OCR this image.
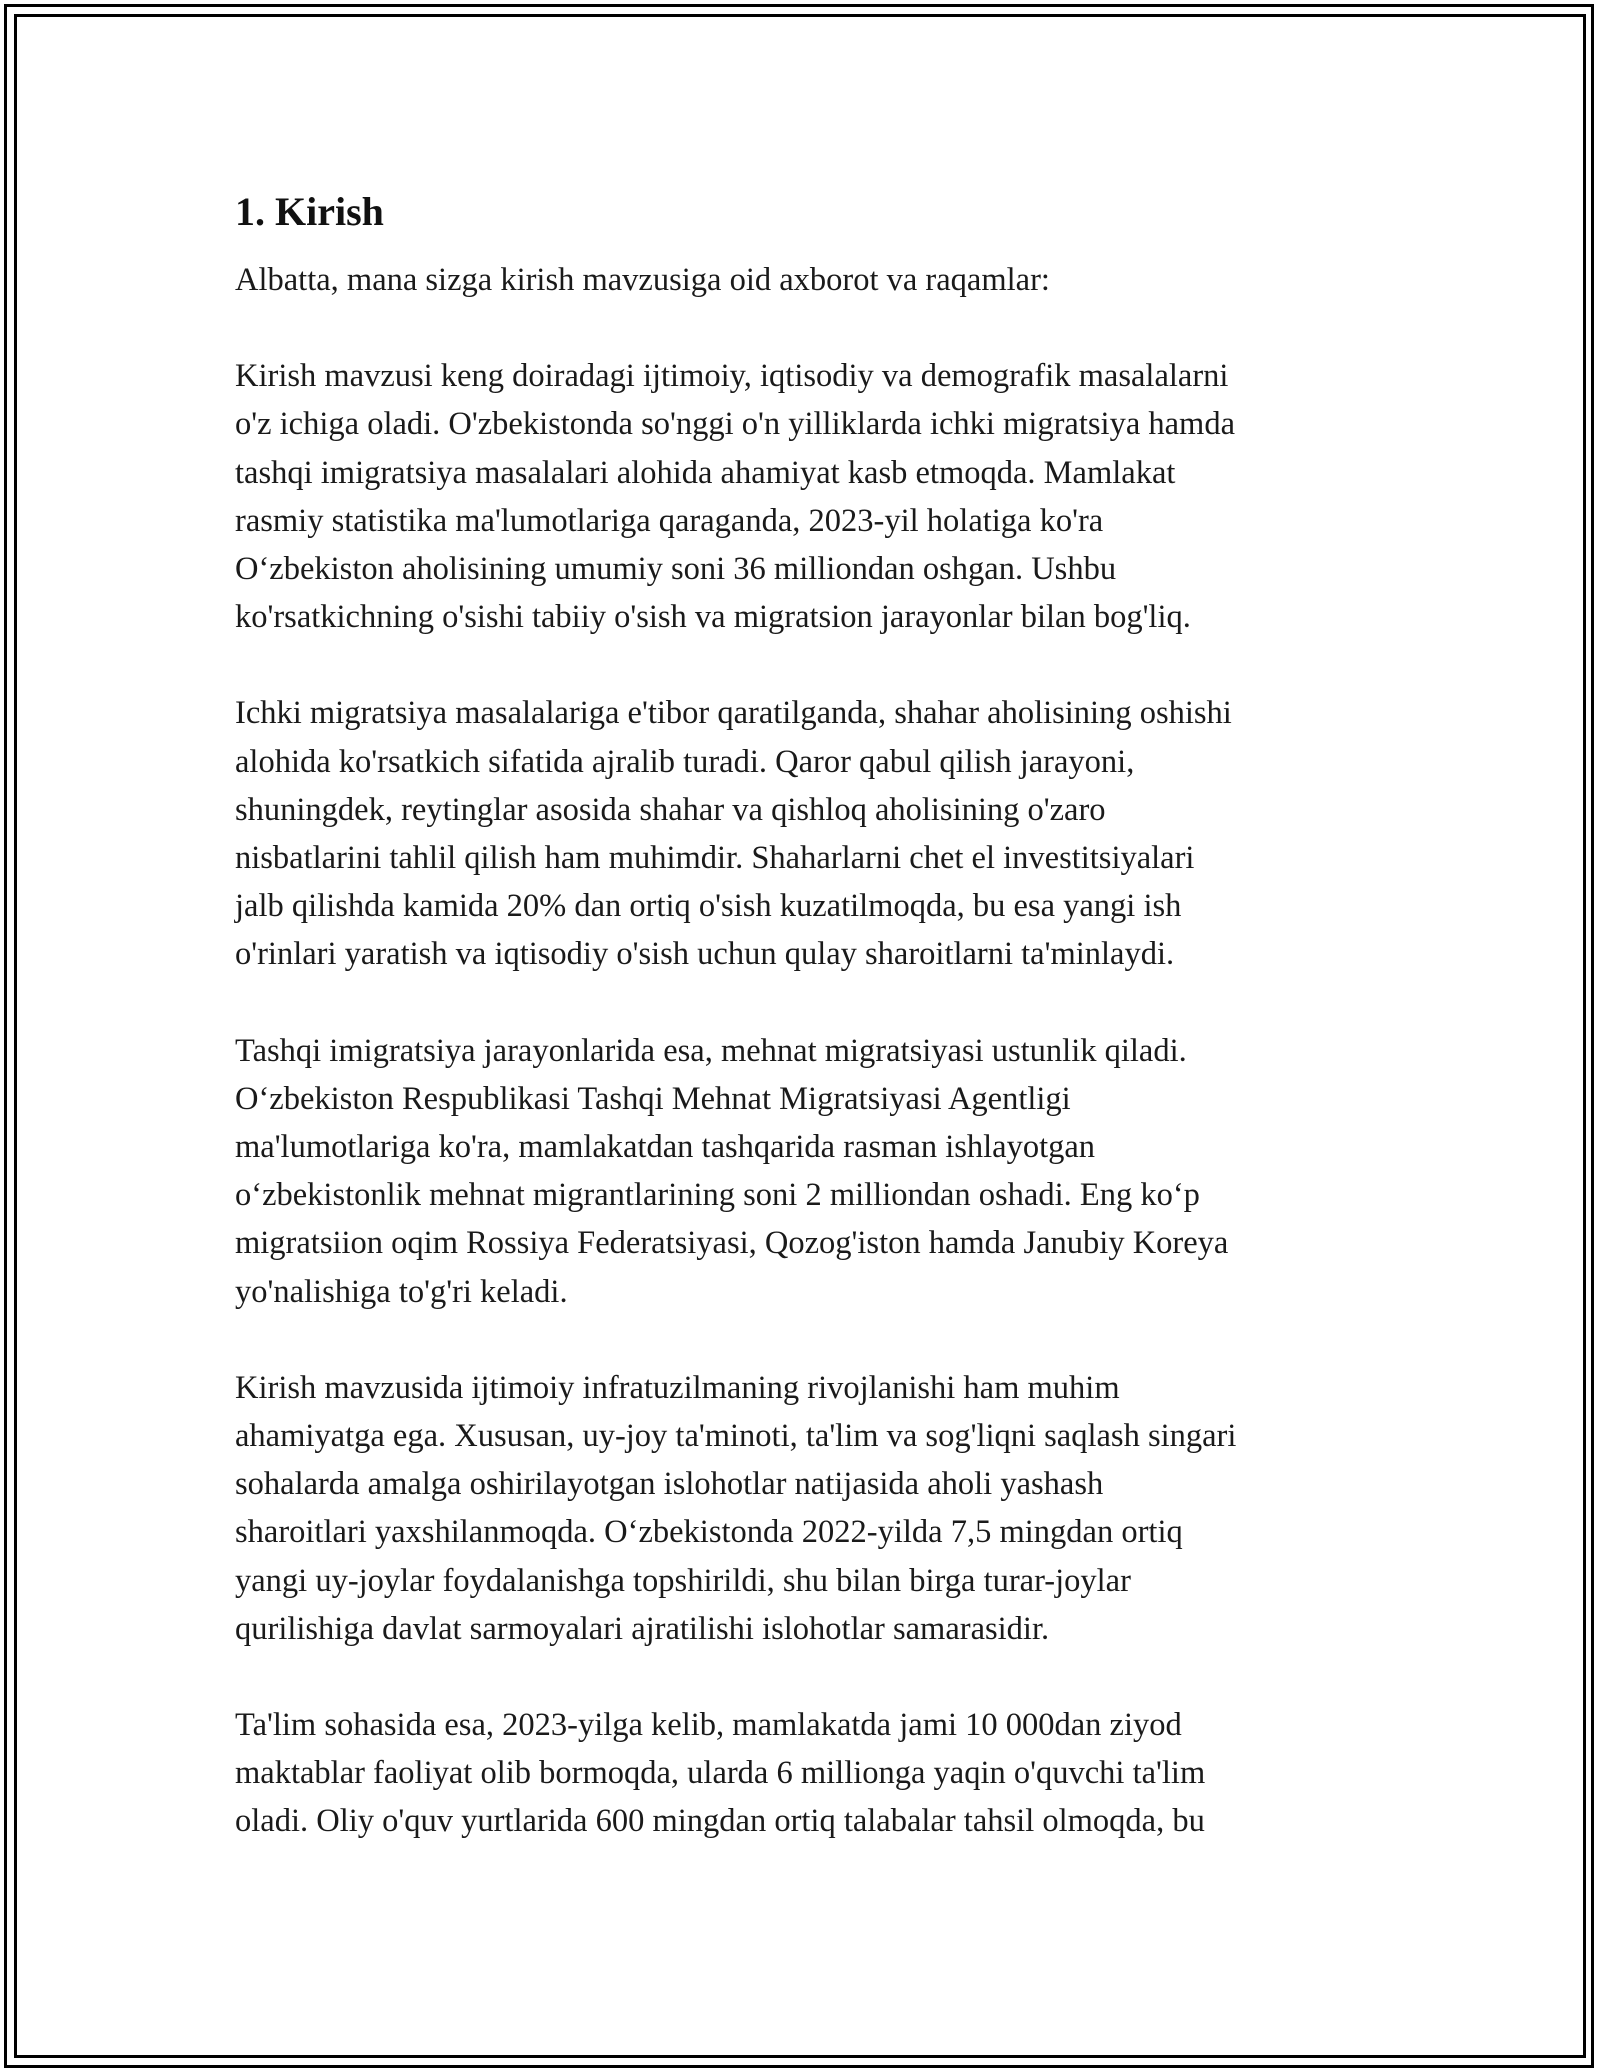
1. Kirish

Albatta, mana sizga kirish mavzusiga oid axborot va raqamlar:

Kirish mavzusi keng doiradagi ijtimoiy, iqtisodiy va demografik masalalarni
o'z ichiga oladi. O'zbekistonda so'nggi o'n yilliklarda ichki migratsiya hamda
tashqi imigratsiya masalalari alohida ahamiyat kasb etmoqda. Mamlakat
rasmiy statistika ma'lumotlariga qaraganda, 2023-yil holatiga ko'ra
O‘zbekiston aholisining umumiy soni 36 milliondan oshgan. Ushbu
ko'rsatkichning o'sishi tabiiy o'sish va migratsion jarayonlar bilan bog'liq.

Ichki migratsiya masalalariga e'tibor qaratilganda, shahar aholisining oshishi
alohida ko'rsatkich sifatida ajralib turadi. Qaror qabul qilish jarayoni,
shuningdek, reytinglar asosida shahar va qishloq aholisining o'zaro
nisbatlarini tahlil qilish ham muhimdir. Shaharlarni chet el investitsiyalari
jalb qilishda kamida 20% dan ortiq o'sish kuzatilmoqda, bu esa yangi ish
o'rinlari yaratish va iqtisodiy o'sish uchun qulay sharoitlarni ta'minlaydi.

Tashqi imigratsiya jarayonlarida esa, mehnat migratsiyasi ustunlik qiladi.
O‘zbekiston Respublikasi Tashqi Mehnat Migratsiyasi Agentligi
ma'lumotlariga ko'ra, mamlakatdan tashqarida rasman ishlayotgan
o‘zbekistonlik mehnat migrantlarining soni 2 milliondan oshadi. Eng ko‘p
migratsiion oqim Rossiya Federatsiyasi, Qozog'iston hamda Janubiy Koreya
yo'nalishiga to'g'ri keladi.

Kirish mavzusida ijtimoiy infratuzilmaning rivojlanishi ham muhim
ahamiyatga ega. Xususan, uy-joy ta'minoti, ta'lim va sog'liqni saqlash singari
sohalarda amalga oshirilayotgan islohotlar natijasida aholi yashash
sharoitlari yaxshilanmoqda. O‘zbekistonda 2022-yilda 7,5 mingdan ortiq
yangi uy-joylar foydalanishga topshirildi, shu bilan birga turar-joylar
qurilishiga davlat sarmoyalari ajratilishi islohotlar samarasidir.

Ta'lim sohasida esa, 2023-yilga kelib, mamlakatda jami 10 000dan ziyod
maktablar faoliyat olib bormoqda, ularda 6 millionga yaqin o'quvchi ta'lim
oladi. Oliy o'quv yurtlarida 600 mingdan ortiq talabalar tahsil olmoqda, bu
